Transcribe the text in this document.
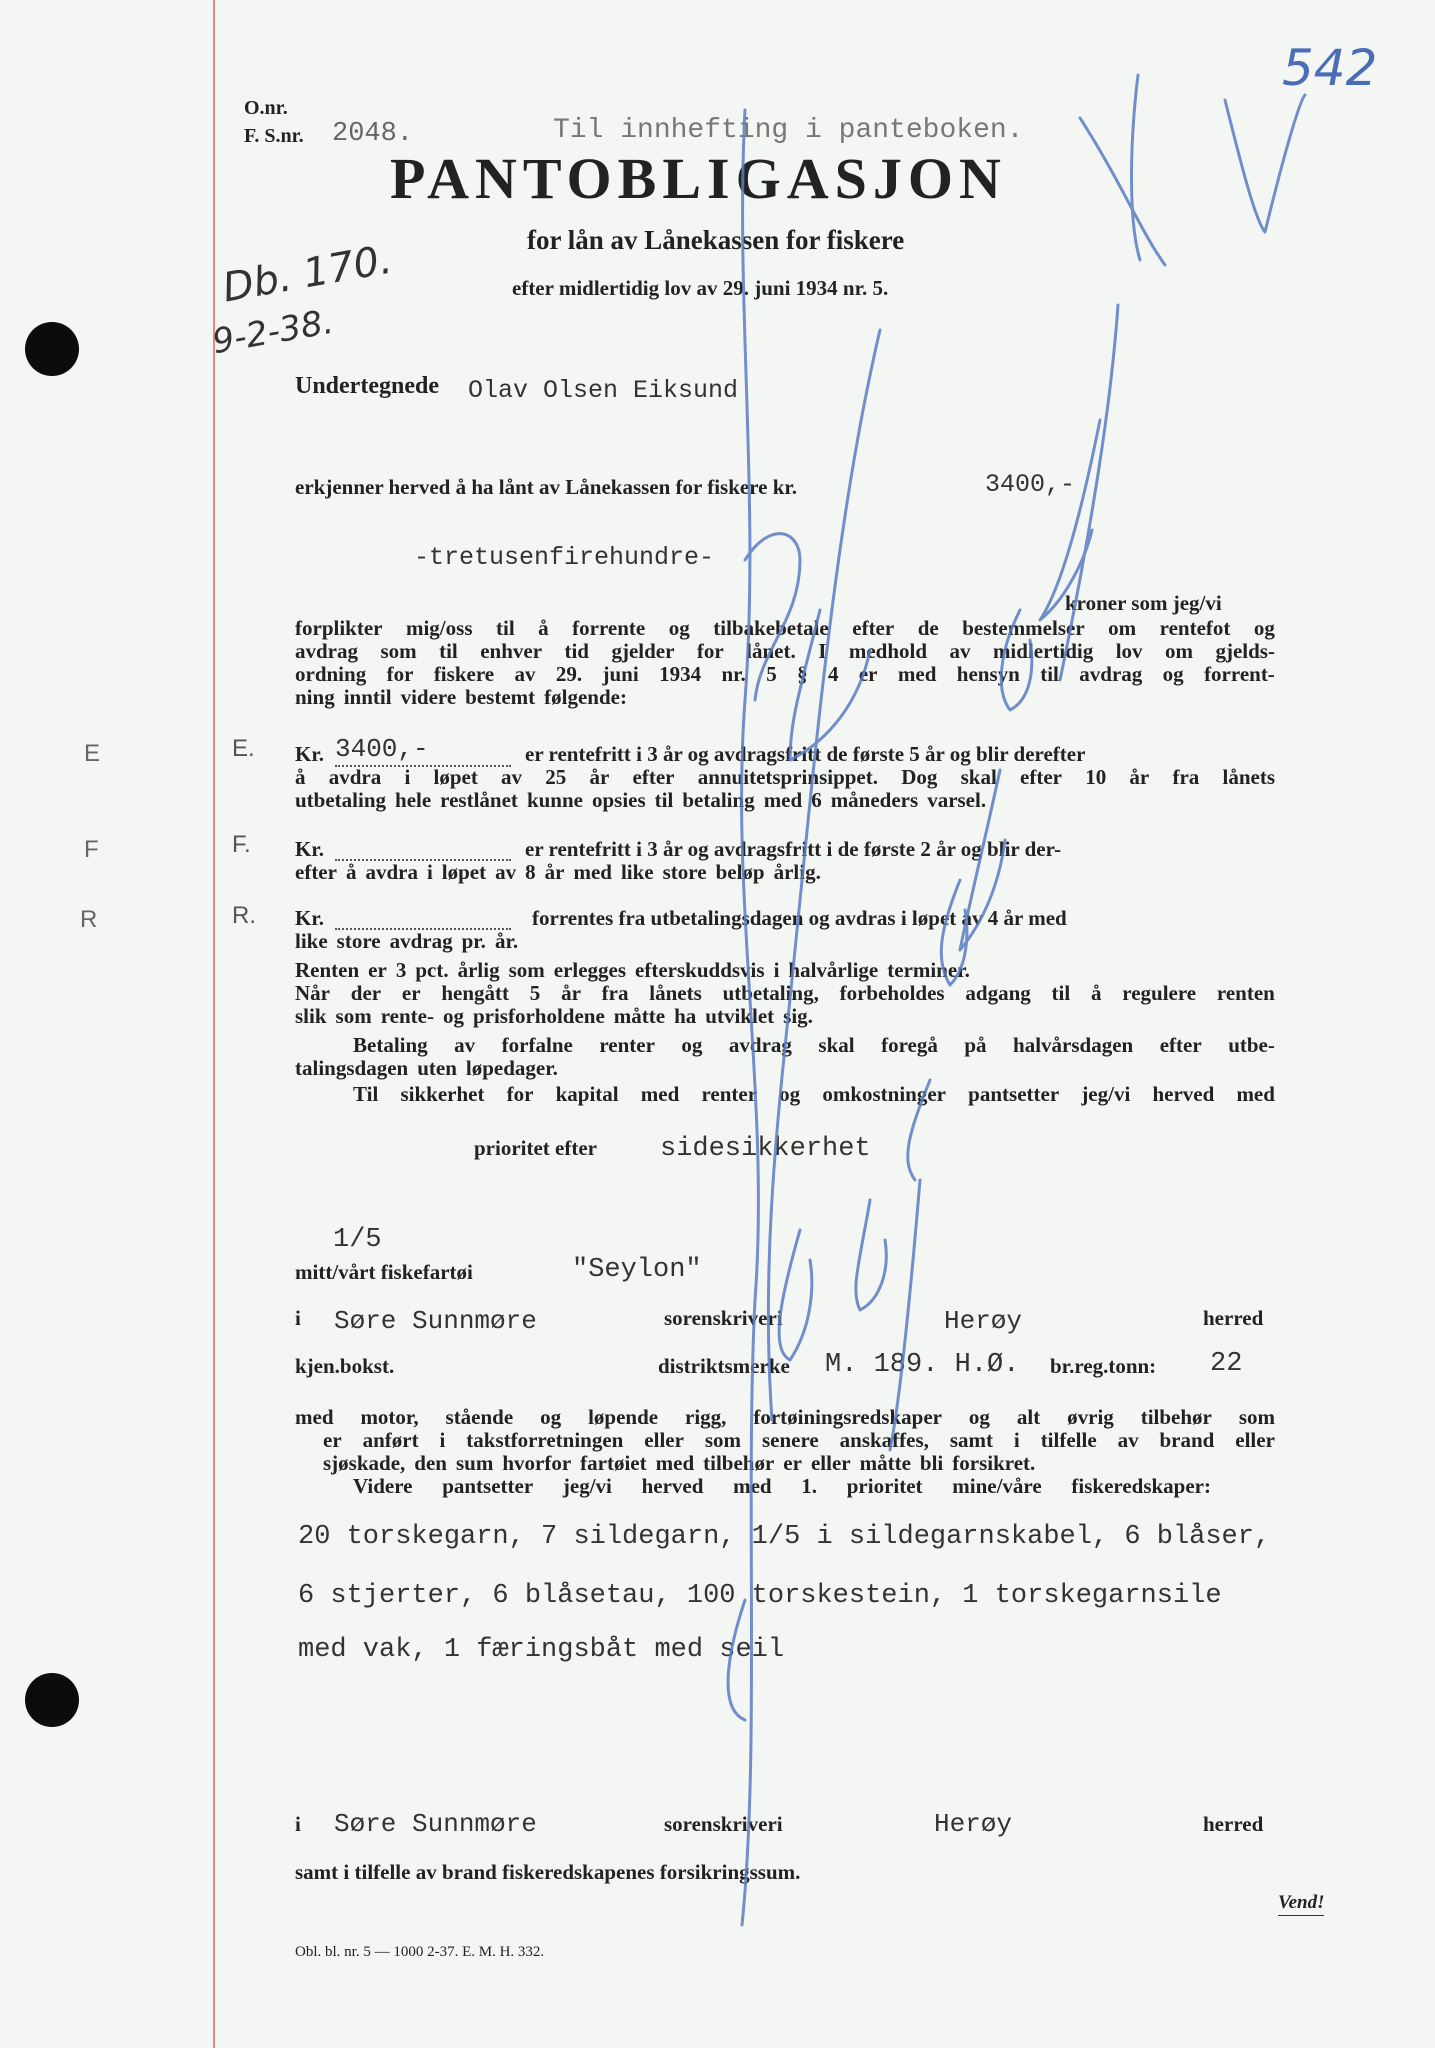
O.nr.
F. S.nr. 2048.	Til innhefting i panteboken.
542
PANTOBLIGASJON
for lån av Lånekassen for fiskere
efter midlertidig lov av 29. juni 1934 nr. 5.
Db. 170.
9-2-38.
Undertegnede Olav Olsen Eiksund
erkjenner herved å ha lånt av Lånekassen for fiskere kr.	3400,-
-tretusenfirehundre-
kroner som jeg/vi
forplikter mig/oss til å forrente og tilbakebetale efter de bestemmelser om rentefot og
avdrag som til enhver tid gjelder for lånet. I medhold av midlertidig lov om gjelds-
ordning for fiskere av 29. juni 1934 nr. 5 § 4 er med hensyn til avdrag og forrent-
ning inntil videre bestemt følgende:
E	E. Kr. 3400,-	er rentefritt i 3 år og avdragsfritt de første 5 år og blir derefter
å avdra i løpet av 25 år efter annuitetsprinsippet. Dog skal efter 10 år fra lånets
utbetaling hele restlånet kunne opsies til betaling med 6 måneders varsel.
F	F. Kr.	er rentefritt i 3 år og avdragsfritt i de første 2 år og blir der-
efter å avdra i løpet av 8 år med like store beløp årlig.
R	R. Kr.	forrentes fra utbetalingsdagen og avdras i løpet av 4 år med
like store avdrag pr. år.
Renten er 3 pct. årlig som erlegges efterskuddsvis i halvårlige terminer.
Når der er hengått 5 år fra lånets utbetaling, forbeholdes adgang til å regulere renten
slik som rente- og prisforholdene måtte ha utviklet sig.
Betaling av forfalne renter og avdrag skal foregå på halvårsdagen efter utbe-
talingsdagen uten løpedager.
Til sikkerhet for kapital med renter og omkostninger pantsetter jeg/vi herved med
prioritet efter sidesikkerhet
1/5
mitt/vårt fiskefartøi	"Seylon"
i Søre Sunnmøre	sorenskriveri	Herøy	herred
kjen.bokst.	distriktsmerke M. 189. H.Ø. br.reg.tonn: 22
med motor, stående og løpende rigg, fortøiningsredskaper og alt øvrig tilbehør som
er anført i takstforretningen eller som senere anskaffes, samt i tilfelle av brand eller
sjøskade, den sum hvorfor fartøiet med tilbehør er eller måtte bli forsikret.
Videre pantsetter jeg/vi herved med 1. prioritet mine/våre fiskeredskaper:
20 torskegarn, 7 sildegarn, 1/5 i sildegarnskabel, 6 blåser,
6 stjerter, 6 blåsetau, 100 torskestein, 1 torskegarnsile
med vak, 1 færingsbåt med seil
i Søre Sunnmøre	sorenskriveri	Herøy	herred
samt i tilfelle av brand fiskeredskapenes forsikringssum.
Obl. bl. nr. 5 — 1000 2-37. E. M. H. 332.
Vend!
